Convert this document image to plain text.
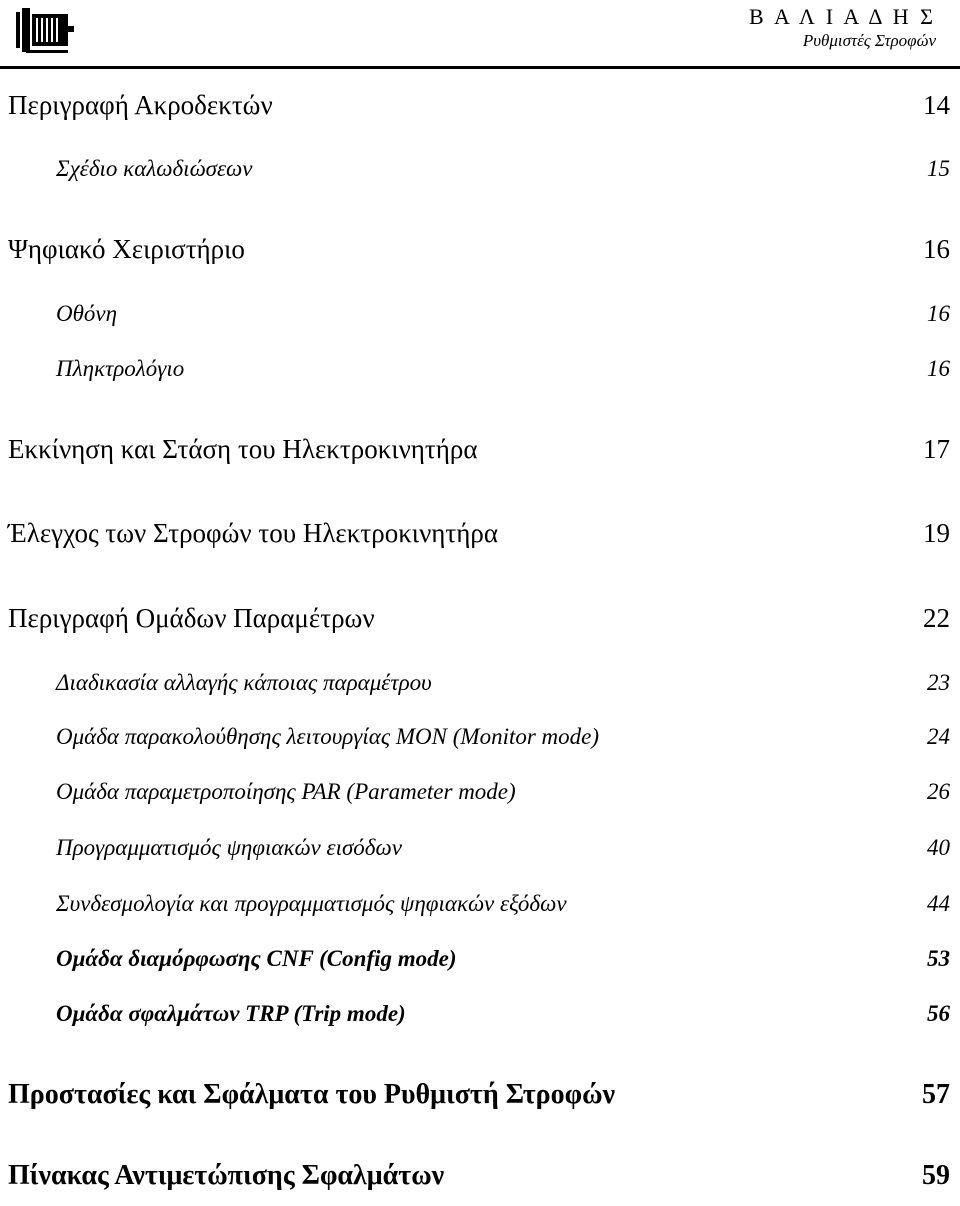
Β Α Λ Ι Α Δ Η Σ
Ρυθμιστές Στροφών
Περιγραφή Ακροδεκτών	14
Σχέδιο καλωδιώσεων	15
Ψηφιακό Χειριστήριο	16
Οθόνη	16
Πληκτρολόγιο	16
Εκκίνηση και Στάση του Ηλεκτροκινητήρα	17
Έλεγχος των Στροφών του Ηλεκτροκινητήρα	19
Περιγραφή Ομάδων Παραμέτρων	22
Διαδικασία αλλαγής κάποιας παραμέτρου	23
Ομάδα παρακολούθησης λειτουργίας MON (Monitor mode)	24
Ομάδα παραμετροποίησης PAR (Parameter mode)	26
Προγραμματισμός ψηφιακών εισόδων	40
Συνδεσμολογία και προγραμματισμός ψηφιακών εξόδων	44
Ομάδα διαμόρφωσης CNF (Config mode)	53
Ομάδα σφαλμάτων TRP (Trip mode)	56
Προστασίες και Σφάλματα του Ρυθμιστή Στροφών	57
Πίνακας Αντιμετώπισης Σφαλμάτων	59
